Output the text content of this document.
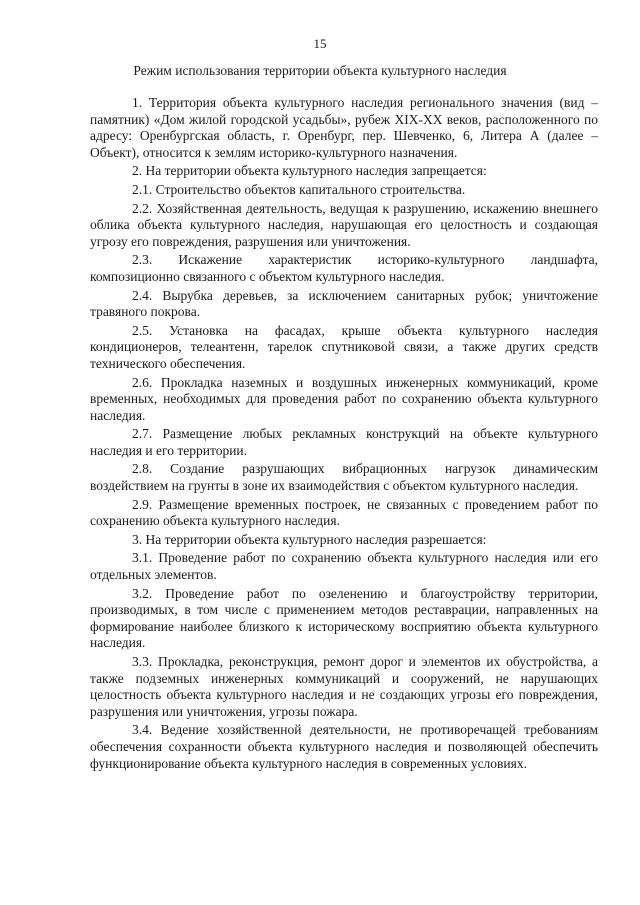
15
Режим использования территории объекта культурного наследия

1. Территория объекта культурного наследия регионального значения (вид – памятник) «Дом жилой городской усадьбы», рубеж XIX-XX веков, расположенного по адресу: Оренбургская область, г. Оренбург, пер. Шевченко, 6, Литера А (далее – Объект), относится к землям историко-культурного назначения.

2. На территории объекта культурного наследия запрещается:

2.1. Строительство объектов капитального строительства.

2.2. Хозяйственная деятельность, ведущая к разрушению, искажению внешнего облика объекта культурного наследия, нарушающая его целостность и создающая угрозу его повреждения, разрушения или уничтожения.

2.3. Искажение характеристик историко-культурного ландшафта, композиционно связанного с объектом культурного наследия.

2.4. Вырубка деревьев, за исключением санитарных рубок; уничтожение травяного покрова.

2.5. Установка на фасадах, крыше объекта культурного наследия кондиционеров, телеантенн, тарелок спутниковой связи, а также других средств технического обеспечения.

2.6. Прокладка наземных и воздушных инженерных коммуникаций, кроме временных, необходимых для проведения работ по сохранению объекта культурного наследия.

2.7. Размещение любых рекламных конструкций на объекте культурного наследия и его территории.

2.8. Создание разрушающих вибрационных нагрузок динамическим воздействием на грунты в зоне их взаимодействия с объектом культурного наследия.

2.9. Размещение временных построек, не связанных с проведением работ по сохранению объекта культурного наследия.

3. На территории объекта культурного наследия разрешается:

3.1. Проведение работ по сохранению объекта культурного наследия или его отдельных элементов.

3.2. Проведение работ по озеленению и благоустройству территории, производимых, в том числе с применением методов реставрации, направленных на формирование наиболее близкого к историческому восприятию объекта культурного наследия.

3.3. Прокладка, реконструкция, ремонт дорог и элементов их обустройства, а также подземных инженерных коммуникаций и сооружений, не нарушающих целостность объекта культурного наследия и не создающих угрозы его повреждения, разрушения или уничтожения, угрозы пожара.

3.4. Ведение хозяйственной деятельности, не противоречащей требованиям обеспечения сохранности объекта культурного наследия и позволяющей обеспечить функционирование объекта культурного наследия в современных условиях.
